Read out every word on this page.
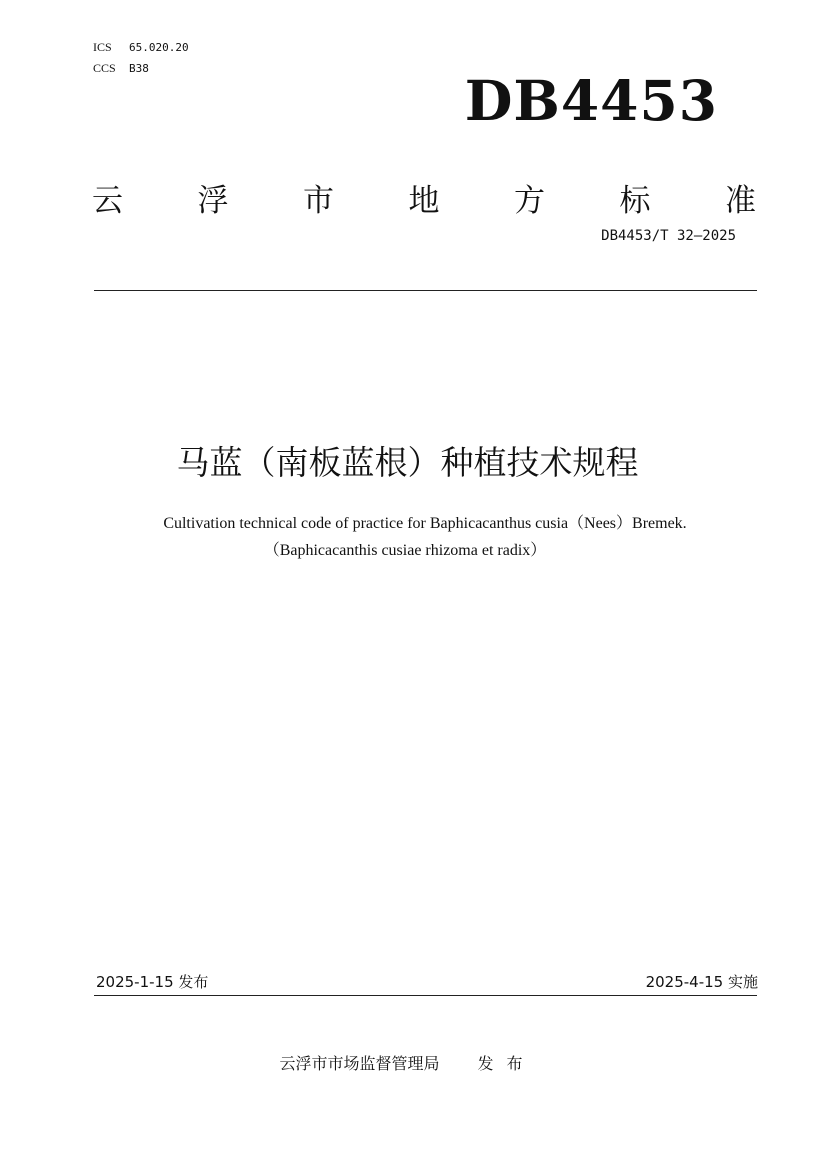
ICS 65.020.20
CCS B38	DB4453
云 浮 市 地 方 标 准
DB4453/T 32—2025
马蓝（南板蓝根）种植技术规程
Cultivation technical code of practice for Baphicacanthus cusia（Nees）Bremek.
（Baphicacanthis cusiae rhizoma et radix）
2025-1-15 发布	2025-4-15 实施
云浮市市场监督管理局 发布
